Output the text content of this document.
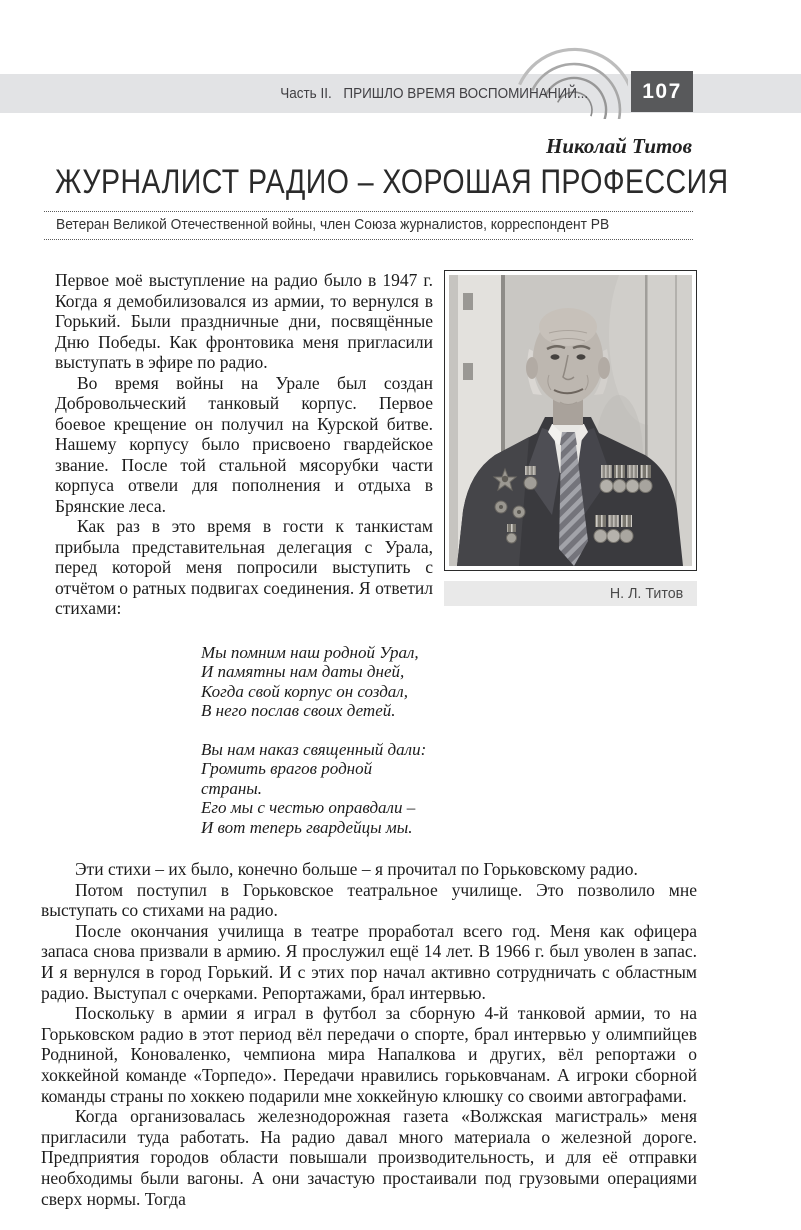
Часть II. ПРИШЛО ВРЕМЯ ВОСПОМИНАНИЙ...	107
Николай Титов
ЖУРНАЛИСТ РАДИО – ХОРОШАЯ ПРОФЕССИЯ
Ветеран Великой Отечественной войны, член Союза журналистов, корреспондент РВ

Первое моё выступление на радио было в 1947 г. Когда я демобилизовался из армии, то вернулся в Горький. Были праздничные дни, посвящённые Дню Победы. Как фронтовика меня пригласили выступать в эфире по радио.

Во время войны на Урале был создан Добровольческий танковый корпус. Первое боевое крещение он получил на Курской битве. Нашему корпусу было присвоено гвардейское звание. После той стальной мясорубки части корпуса отвели для пополнения и отдыха в Брянские леса.

Как раз в это время в гости к танкистам прибыла представительная делегация с Урала, перед которой меня попросили выступить с отчётом о ратных подвигах соединения. Я ответил стихами:

Мы помним наш родной Урал,
И памятны нам даты дней,
Когда свой корпус он создал,
В него послав своих детей.
Вы нам наказ священный дали:
Громить врагов родной страны.
Его мы с честью оправдали –
И вот теперь гвардейцы мы.
Н. Л. Титов

Эти стихи – их было, конечно больше – я прочитал по Горьковскому радио.

Потом поступил в Горьковское театральное училище. Это позволило мне выступать со стихами на радио.

После окончания училища в театре проработал всего год. Меня как офицера запаса снова призвали в армию. Я прослужил ещё 14 лет. В 1966 г. был уволен в запас. И я вернулся в город Горький. И с этих пор начал активно сотрудничать с областным радио. Выступал с очерками. Репортажами, брал интервью.

Поскольку в армии я играл в футбол за сборную 4-й танковой армии, то на Горьковском радио в этот период вёл передачи о спорте, брал интервью у олимпийцев Родниной, Коноваленко, чемпиона мира Напалкова и других, вёл репортажи о хоккейной команде «Торпедо». Передачи нравились горьковчанам. А игроки сборной команды страны по хоккею подарили мне хоккейную клюшку со своими автографами.

Когда организовалась железнодорожная газета «Волжская магистраль» меня пригласили туда работать. На радио давал много материала о железной дороге. Предприятия городов области повышали производительность, и для её отправки необходимы были вагоны. А они зачастую простаивали под грузовыми операциями сверх нормы. Тогда
